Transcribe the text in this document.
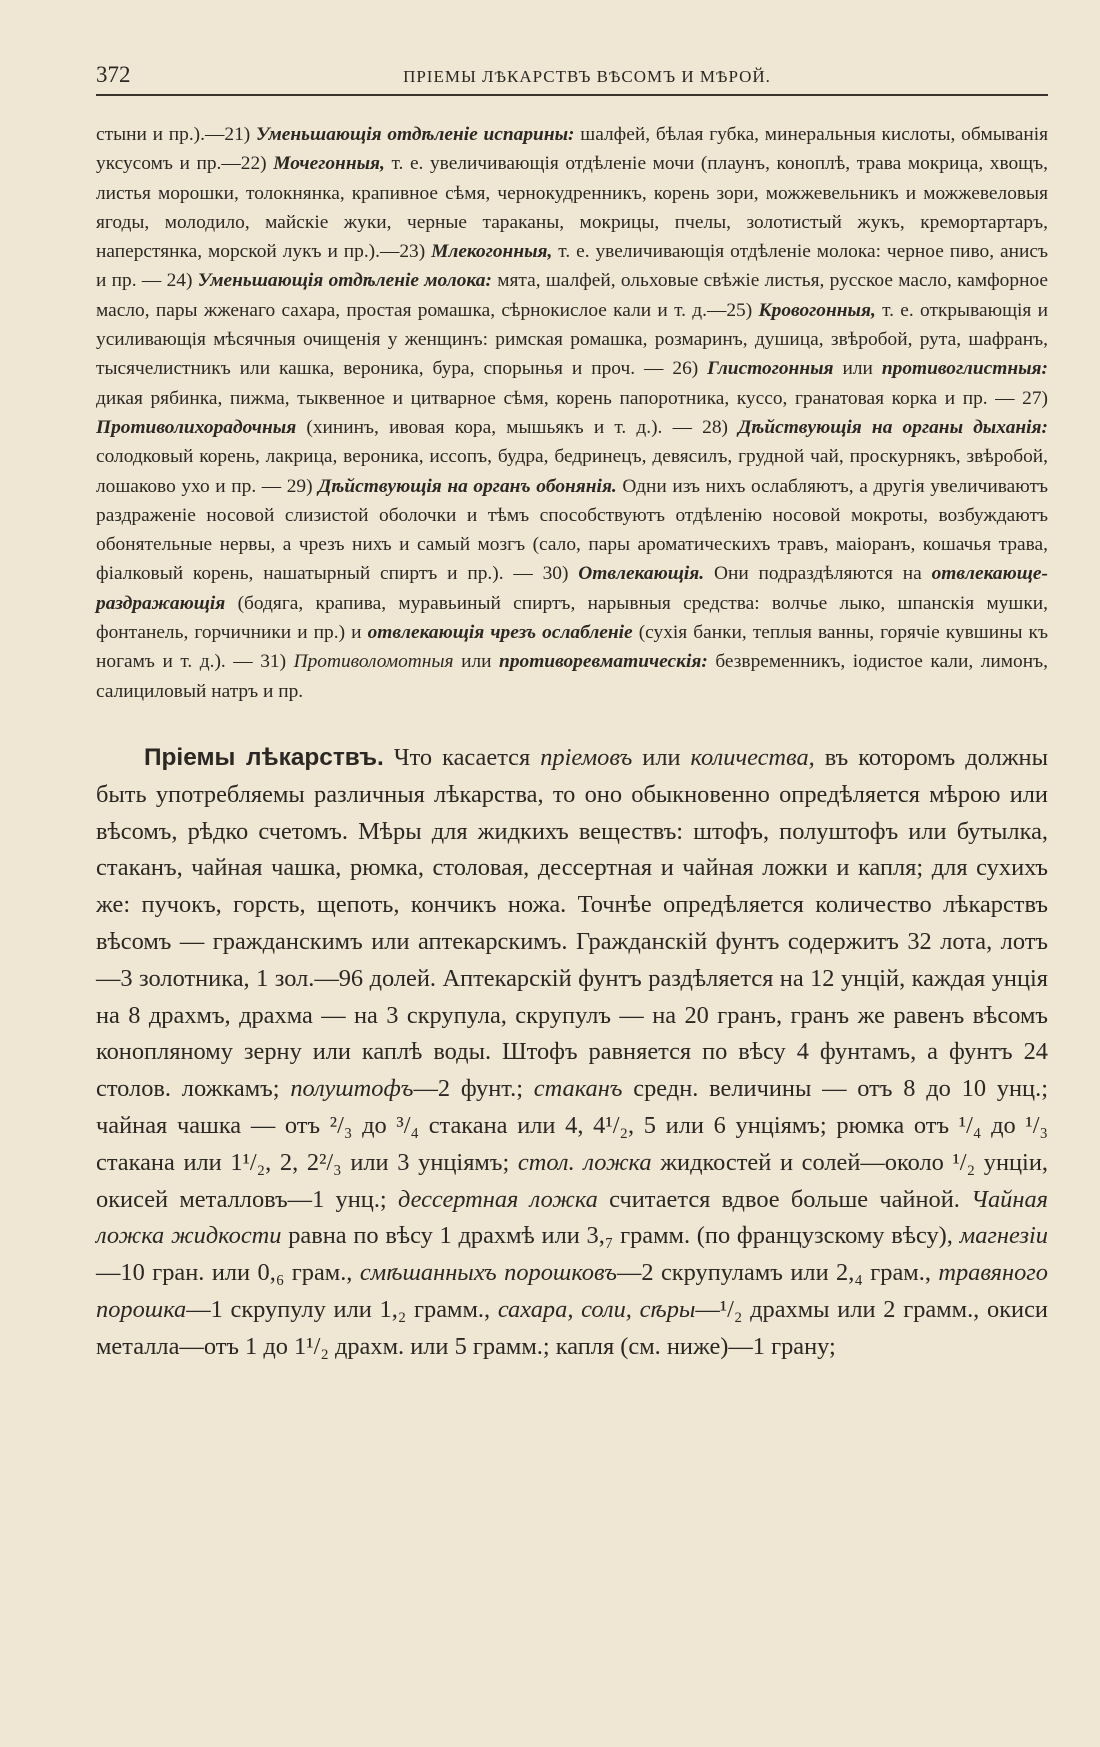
372	ПРІЕМЫ ЛѢКАРСТВЪ ВѢСОМЪ И МѢРОЙ.

стыни и пр.).—21) Уменьшающія отдѣленіе испарины: шалфей, бѣлая губка, минеральныя кислоты, обмыванія уксусомъ и пр.—22) Мочегонныя, т. е. увеличивающія отдѣленіе мочи (плаунъ, коноплѣ, трава мокрица, хвощъ, листья морошки, толокнянка, крапивное сѣмя, чернокудренникъ, корень зори, можжевельникъ и можжевеловыя ягоды, молодило, майскіе жуки, черные тараканы, мокрицы, пчелы, золотистый жукъ, кремортартаръ, наперстянка, морской лукъ и пр.).—23) Млекогонныя, т. е. увеличивающія отдѣленіе молока: черное пиво, анисъ и пр. — 24) Уменьшающія отдѣленіе молока: мята, шалфей, ольховые свѣжіе листья, русское масло, камфорное масло, пары жженаго сахара, простая ромашка, сѣрнокислое кали и т. д.—25) Кровогонныя, т. е. открывающія и усиливающія мѣсячныя очищенія у женщинъ: римская ромашка, розмаринъ, душица, звѣробой, рута, шафранъ, тысячелистникъ или кашка, вероника, бура, спорынья и проч. — 26) Глистогонныя или противоглистныя: дикая рябинка, пижма, тыквенное и цитварное сѣмя, корень папоротника, куссо, гранатовая корка и пр. — 27) Противолихорадочныя (хининъ, ивовая кора, мышьякъ и т. д.). — 28) Дѣйствующія на органы дыханія: солодковый корень, лакрица, вероника, иссопъ, будра, бедринецъ, девясилъ, грудной чай, проскурнякъ, звѣробой, лошаково ухо и пр. — 29) Дѣйствующія на органъ обонянія. Одни изъ нихъ ослабляютъ, а другія увеличиваютъ раздраженіе носовой слизистой оболочки и тѣмъ способствуютъ отдѣленію носовой мокроты, возбуждаютъ обонятельные нервы, а чрезъ нихъ и самый мозгъ (сало, пары ароматическихъ травъ, маіоранъ, кошачья трава, фіалковый корень, нашатырный спиртъ и пр.). — 30) Отвлекающія. Они подраздѣляются на отвлекающе-раздражающія (бодяга, крапива, муравьиный спиртъ, нарывныя средства: волчье лыко, шпанскія мушки, фонтанель, горчичники и пр.) и отвлекающія чрезъ ослабленіе (сухія банки, теплыя ванны, горячіе кувшины къ ногамъ и т. д.). — 31) Противоломотныя или противоревматическія: безвременникъ, іодистое кали, лимонъ, салициловый натръ и пр.

Пріемы лѣкарствъ. Что касается пріемовъ или количества, въ которомъ должны быть употребляемы различныя лѣкарства, то оно обыкновенно опредѣляется мѣрою или вѣсомъ, рѣдко счетомъ. Мѣры для жидкихъ веществъ: штофъ, полуштофъ или бутылка, стаканъ, чайная чашка, рюмка, столовая, дессертная и чайная ложки и капля; для сухихъ же: пучокъ, горсть, щепоть, кончикъ ножа. Точнѣе опредѣляется количество лѣкарствъ вѣсомъ — гражданскимъ или аптекарскимъ. Гражданскій фунтъ содержитъ 32 лота, лотъ—3 золотника, 1 зол.—96 долей. Аптекарскій фунтъ раздѣляется на 12 унцій, каждая унція на 8 драхмъ, драхма — на 3 скрупула, скрупулъ — на 20 гранъ, гранъ же равенъ вѣсомъ конопляному зерну или каплѣ воды. Штофъ равняется по вѣсу 4 фунтамъ, а фунтъ 24 столов. ложкамъ; полуштофъ—2 фунт.; стаканъ средн. величины — отъ 8 до 10 унц.; чайная чашка — отъ ²/₃ до ³/₄ стакана или 4, 4¹/₂, 5 или 6 унціямъ; рюмка отъ ¹/₄ до ¹/₃ стакана или 1¹/₂, 2, 2²/₃ или 3 унціямъ; стол. ложка жидкостей и солей—около ¹/₂ унціи, окисей металловъ—1 унц.; дессертная ложка считается вдвое больше чайной. Чайная ложка жидкости равна по вѣсу 1 драхмѣ или 3,₇ грамм. (по французскому вѣсу), магнезіи—10 гран. или 0,₆ грам., смѣшанныхъ порошковъ—2 скрупуламъ или 2,₄ грам., травяного порошка—1 скрупулу или 1,₂ грамм., сахара, соли, сѣры—¹/₂ драхмы или 2 грамм., окиси металла—отъ 1 до 1¹/₂ драхм. или 5 грамм.; капля (см. ниже)—1 грану;
